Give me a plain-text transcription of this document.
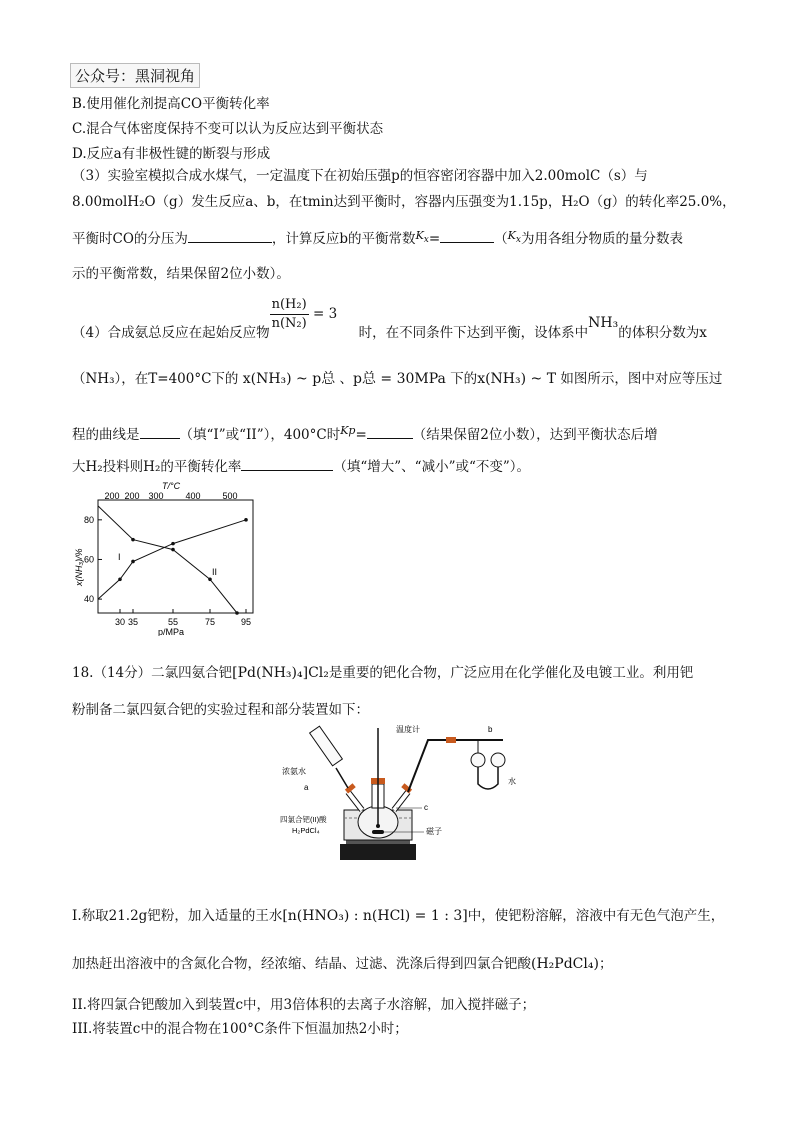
公众号：黑洞视角
B.使用催化剂提高CO平衡转化率
C.混合气体密度保持不变可以认为反应达到平衡状态
D.反应a有非极性键的断裂与形成
（3）实验室模拟合成水煤气，一定温度下在初始压强p的恒容密闭容器中加入2.00molC（s）与
8.00molH₂O（g）发生反应a、b，在tmin达到平衡时，容器内压强变为1.15p，H₂O（g）的转化率25.0%，
平衡时CO的分压为	，计算反应b的平衡常数$^{K_x}$=	（$^{K_x}$为用各组分物质的量分数表
示的平衡常数，结果保留2位小数）。
（4）合成氨总反应在起始反应物 $\frac{\text{n(H₂)}}{\text{n(N₂)}} = 3$     时，在不同条件下达到平衡，设体系中NH₃的体积分数为x
（NH₃），在T=400°C下的 x(NH₃) ~ p总 、p总 = 30MPa 下的x(NH₃) ~ T 如图所示，图中对应等压过
程的曲线是	（填“I”或“II”），400°C时$^{Kp}$=	（结果保留2位小数），达到平衡状态后增
大H₂投料则H₂的平衡转化率	（填“增大”、“减小”或“不变”）。
T/°C
200 200 300 400 500
40
60
80
30 35	55	75	95
x(NH₃)/%
p/MPa
I
II
18.（14分）二氯四氨合钯[Pd(NH₃)₄]Cl₂是重要的钯化合物，广泛应用在化学催化及电镀工业。利用钯
粉制备二氯四氨合钯的实验过程和部分装置如下：
温度计
浓氨水
a
b
c
水
四氯合钯(II)酸
H₂PdCl₄	磁子
I.称取21.2g钯粉，加入适量的王水[n(HNO₃) : n(HCl) = 1 : 3]中，使钯粉溶解，溶液中有无色气泡产生，
加热赶出溶液中的含氮化合物，经浓缩、结晶、过滤、洗涤后得到四氯合钯酸(H₂PdCl₄)；
II.将四氯合钯酸加入到装置c中，用3倍体积的去离子水溶解，加入搅拌磁子；
III.将装置c中的混合物在100°C条件下恒温加热2小时；
